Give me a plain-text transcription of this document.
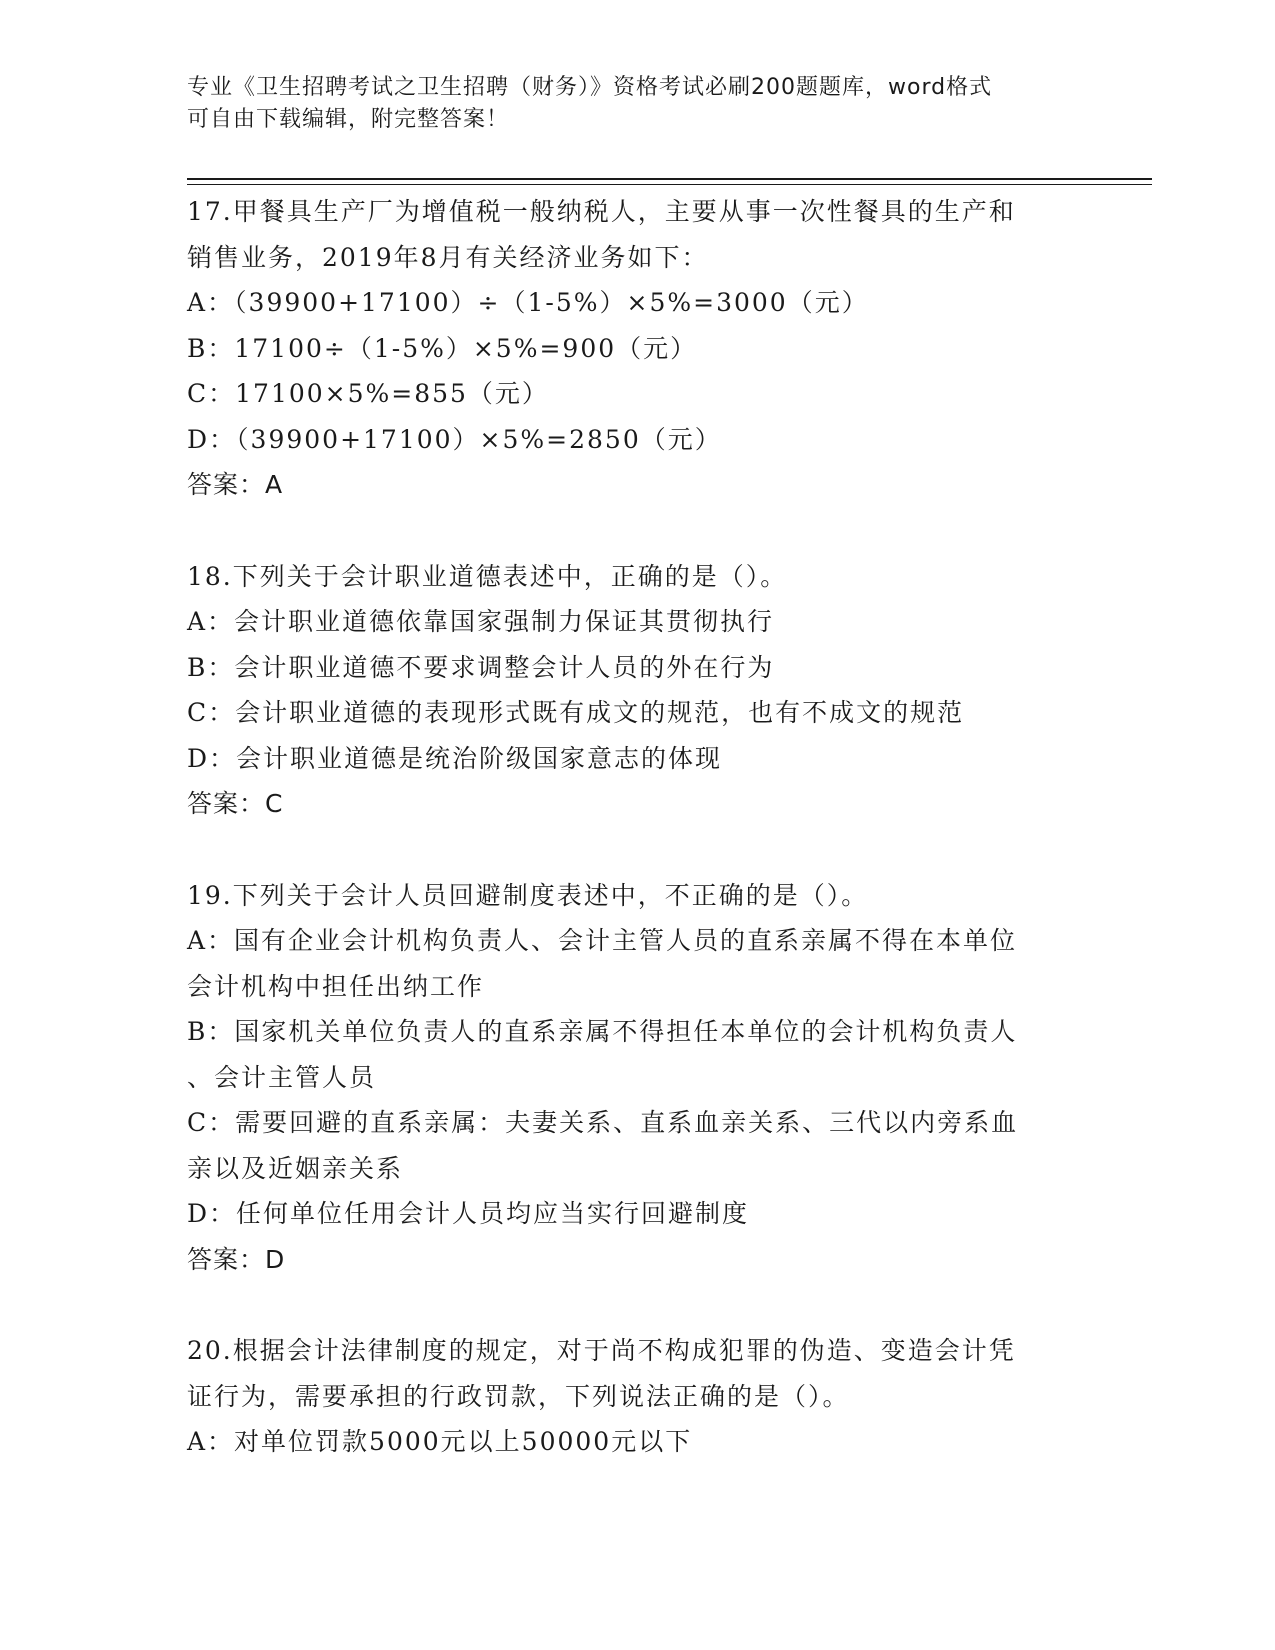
专业《卫生招聘考试之卫生招聘（财务）》资格考试必刷200题题库，word格式
可自由下载编辑，附完整答案！
17.甲餐具生产厂为增值税一般纳税人，主要从事一次性餐具的生产和
销售业务，2019年8月有关经济业务如下：
A：（39900+17100）÷（1-5%）×5%=3000（元）
B：17100÷（1-5%）×5%=900（元）
C：17100×5%=855（元）
D：（39900+17100）×5%=2850（元）
答案：A
18.下列关于会计职业道德表述中，正确的是（）。
A：会计职业道德依靠国家强制力保证其贯彻执行
B：会计职业道德不要求调整会计人员的外在行为
C：会计职业道德的表现形式既有成文的规范，也有不成文的规范
D：会计职业道德是统治阶级国家意志的体现
答案：C
19.下列关于会计人员回避制度表述中，不正确的是（）。
A：国有企业会计机构负责人、会计主管人员的直系亲属不得在本单位
会计机构中担任出纳工作
B：国家机关单位负责人的直系亲属不得担任本单位的会计机构负责人
、会计主管人员
C：需要回避的直系亲属：夫妻关系、直系血亲关系、三代以内旁系血
亲以及近姻亲关系
D：任何单位任用会计人员均应当实行回避制度
答案：D
20.根据会计法律制度的规定，对于尚不构成犯罪的伪造、变造会计凭
证行为，需要承担的行政罚款，下列说法正确的是（）。
A：对单位罚款5000元以上50000元以下
